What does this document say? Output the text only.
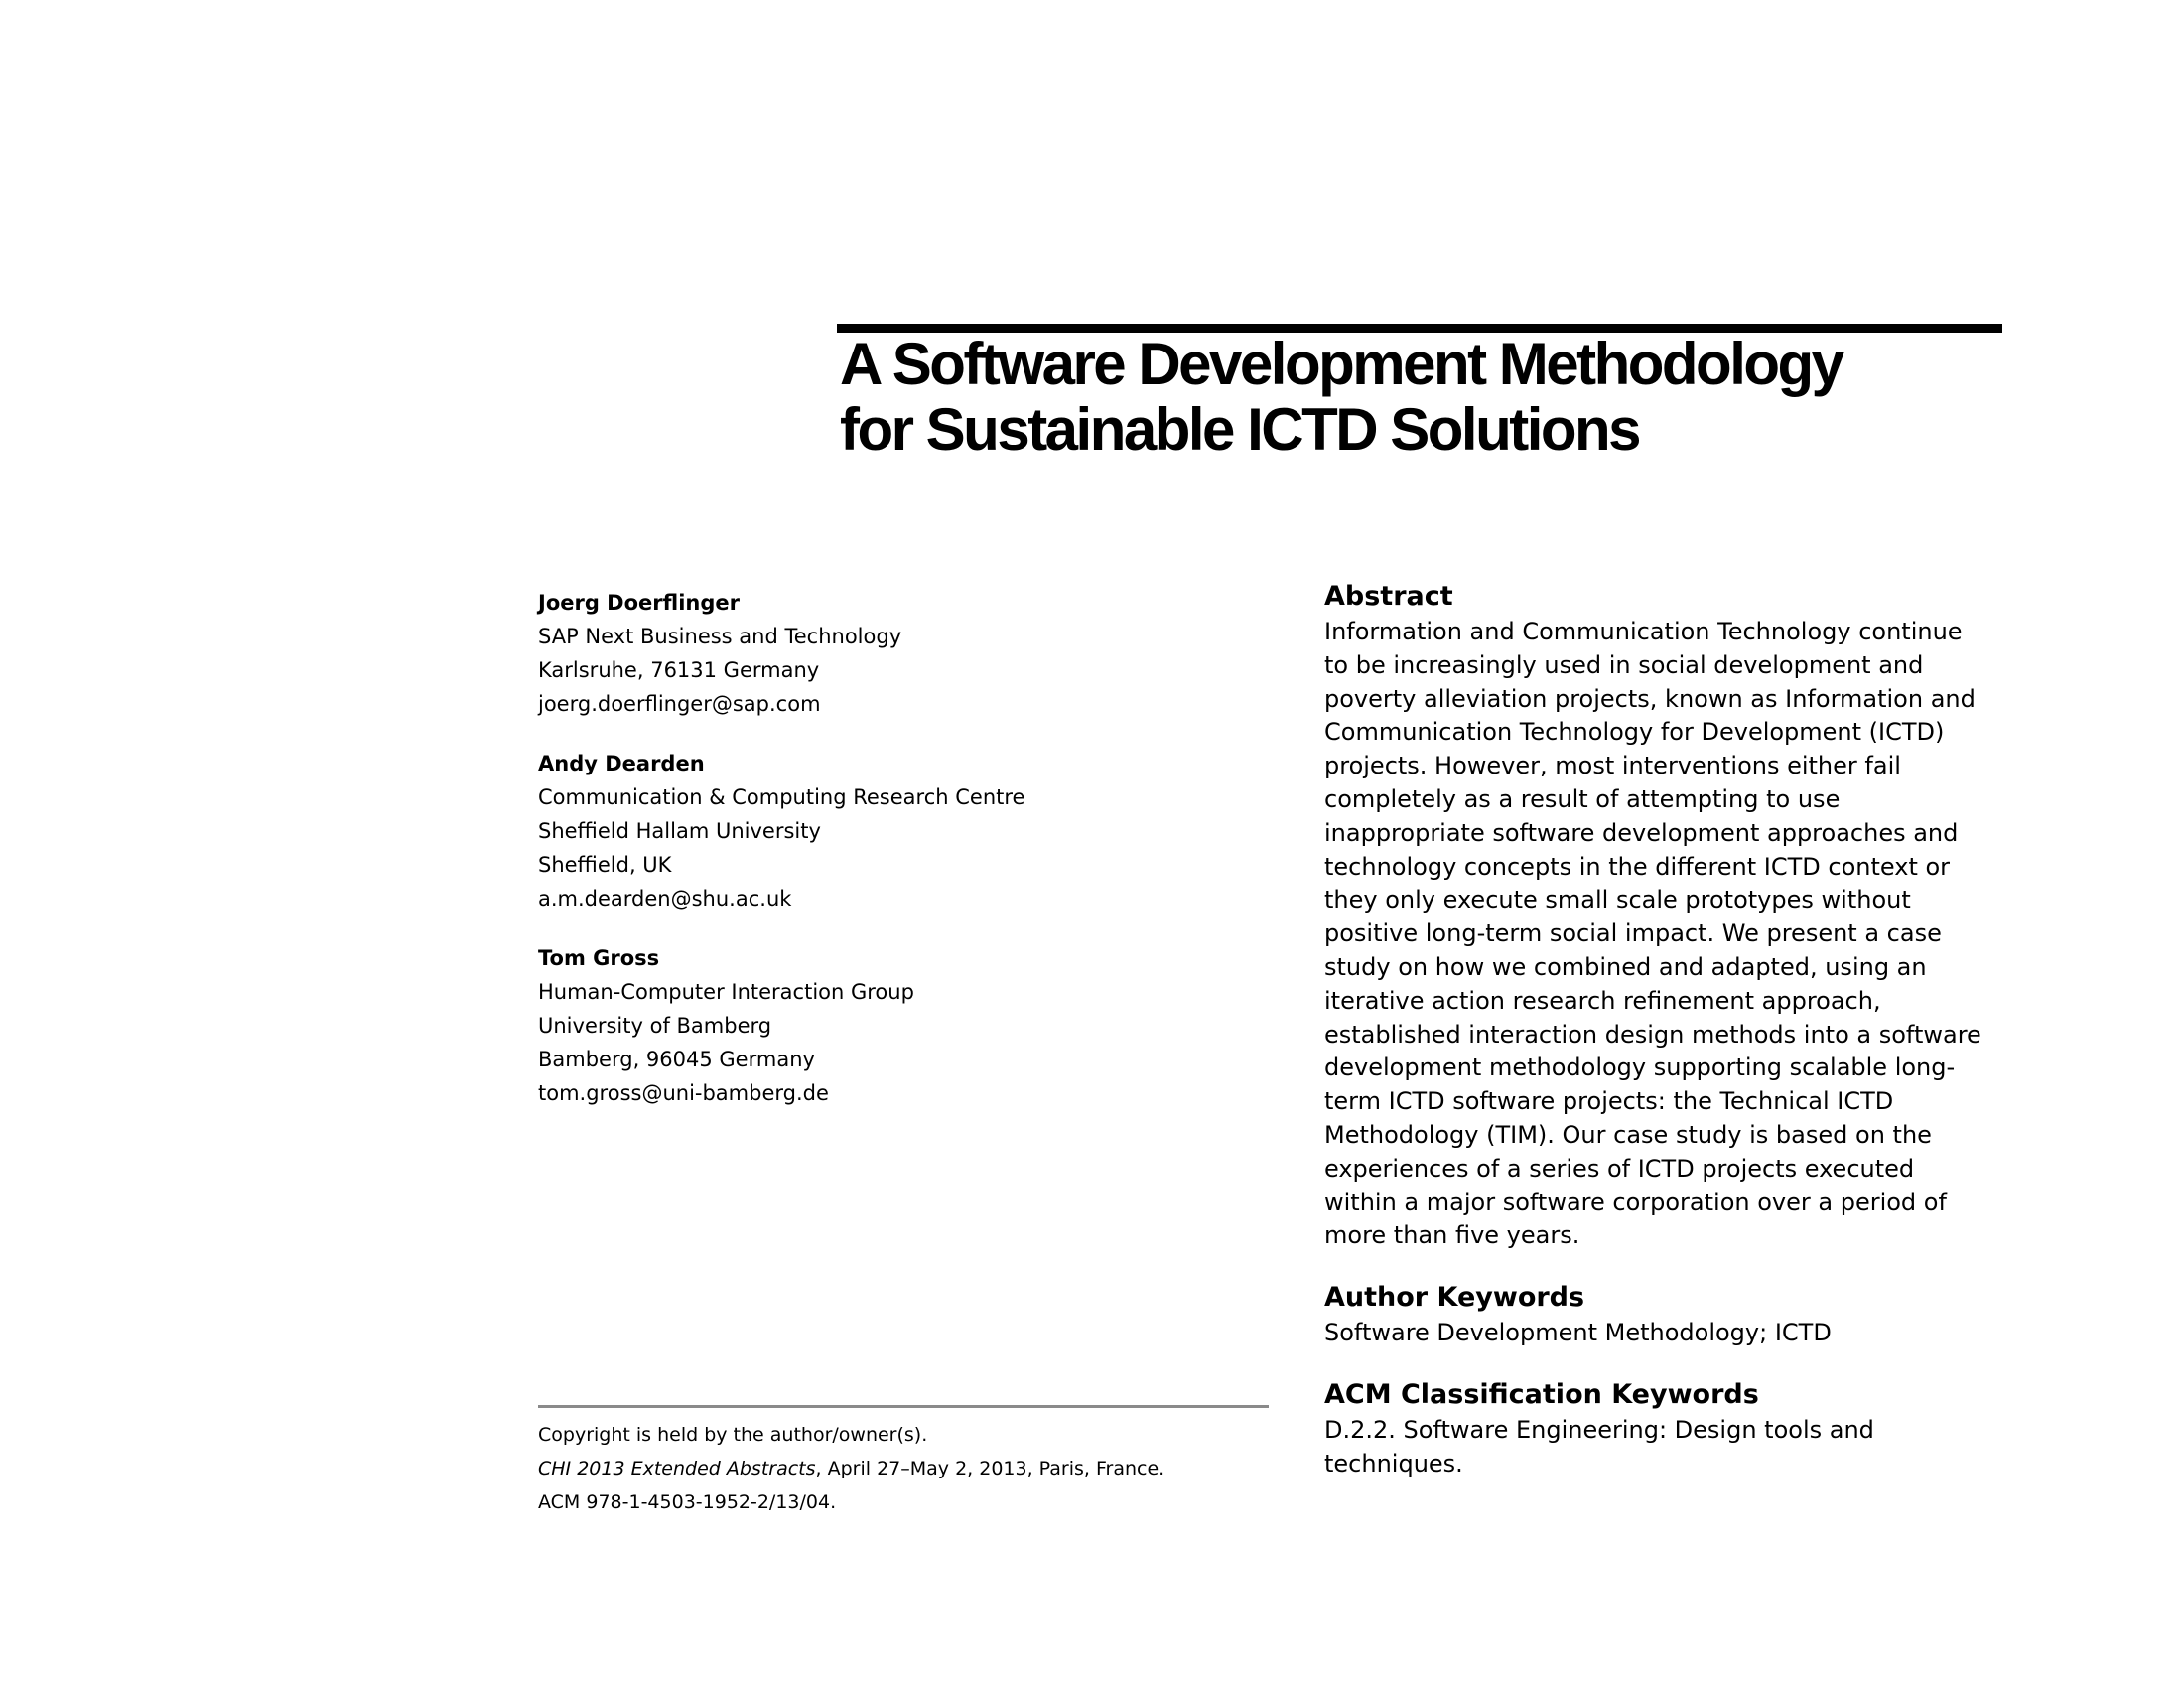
A Software Development Methodology
for Sustainable ICTD Solutions
Joerg Doerflinger
SAP Next Business and Technology
Karlsruhe, 76131 Germany
joerg.doerflinger@sap.com
Andy Dearden
Communication & Computing Research Centre
Sheffield Hallam University
Sheffield, UK
a.m.dearden@shu.ac.uk
Tom Gross
Human-Computer Interaction Group
University of Bamberg
Bamberg, 96045 Germany
tom.gross@uni-bamberg.de
Copyright is held by the author/owner(s).
CHI 2013 Extended Abstracts, April 27–May 2, 2013, Paris, France.
ACM 978-1-4503-1952-2/13/04.
Abstract
Information and Communication Technology continue
to be increasingly used in social development and
poverty alleviation projects, known as Information and
Communication Technology for Development (ICTD)
projects. However, most interventions either fail
completely as a result of attempting to use
inappropriate software development approaches and
technology concepts in the different ICTD context or
they only execute small scale prototypes without
positive long-term social impact. We present a case
study on how we combined and adapted, using an
iterative action research refinement approach,
established interaction design methods into a software
development methodology supporting scalable long-
term ICTD software projects: the Technical ICTD
Methodology (TIM). Our case study is based on the
experiences of a series of ICTD projects executed
within a major software corporation over a period of
more than five years.
Author Keywords
Software Development Methodology; ICTD
ACM Classification Keywords
D.2.2. Software Engineering: Design tools and
techniques.
